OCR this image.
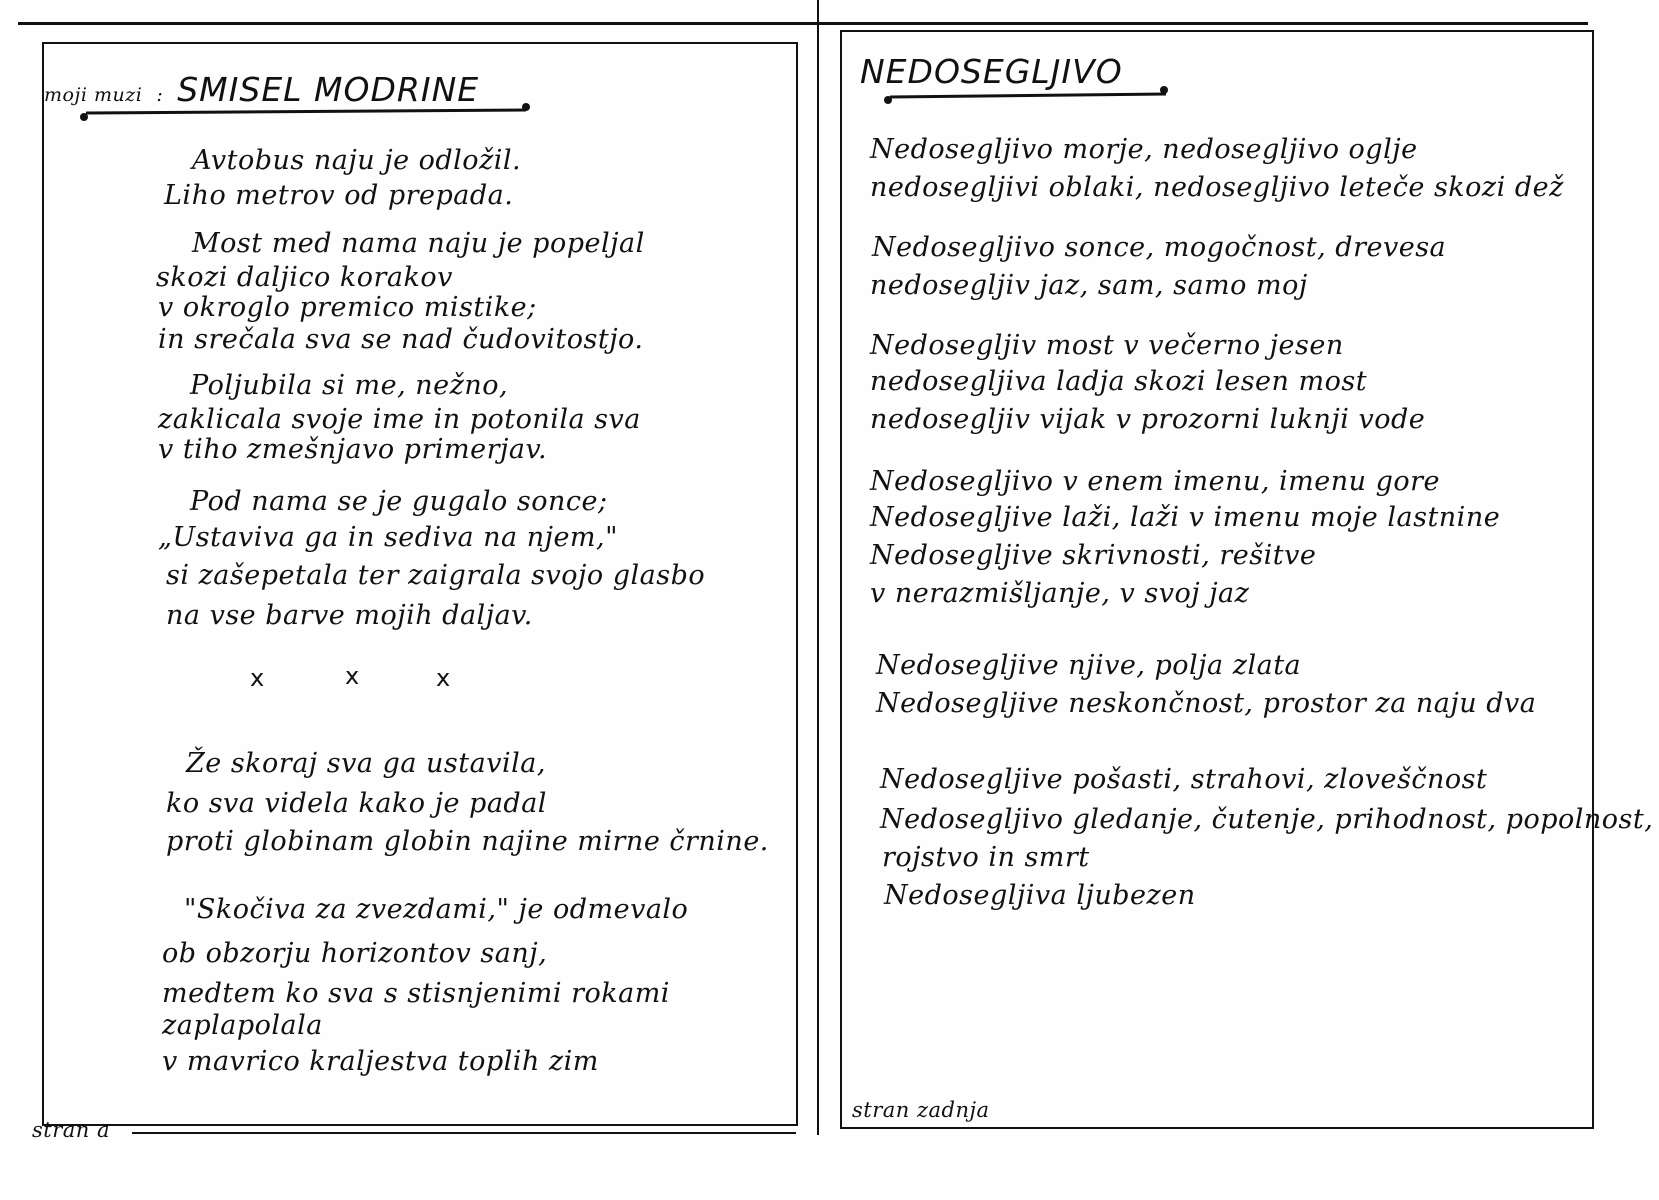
moji muzi : SMISEL MODRINE
Avtobus naju je odložil.
Liho metrov od prepada.
Most med nama naju je popeljal
skozi daljico korakov
v okroglo premico mistike;
in srečala sva se nad čudovitostjo.
Poljubila si me, nežno,
zaklicala svoje ime in potonila sva
v tiho zmešnjavo primerjav.
Pod nama se je gugalo sonce;
„Ustaviva ga in sediva na njem,"
si zašepetala ter zaigrala svojo glasbo
na vse barve mojih daljav.
x	x	x
Že skoraj sva ga ustavila,
ko sva videla kako je padal
proti globinam globin najine mirne črnine.
"Skočiva za zvezdami," je odmevalo
ob obzorju horizontov sanj,
medtem ko sva s stisnjenimi rokami
zaplapolala
v mavrico kraljestva toplih zim
stran a
NEDOSEGLJIVO
Nedosegljivo morje, nedosegljivo oglje
nedosegljivi oblaki, nedosegljivo leteče skozi dež
Nedosegljivo sonce, mogočnost, drevesa
nedosegljiv jaz, sam, samo moj
Nedosegljiv most v večerno jesen
nedosegljiva ladja skozi lesen most
nedosegljiv vijak v prozorni luknji vode
Nedosegljivo v enem imenu, imenu gore
Nedosegljive laži, laži v imenu moje lastnine
Nedosegljive skrivnosti, rešitve
v nerazmišljanje, v svoj jaz
Nedosegljive njive, polja zlata
Nedosegljive neskončnost, prostor za naju dva
Nedosegljive pošasti, strahovi, zloveščnost
Nedosegljivo gledanje, čutenje, prihodnost, popolnost,
rojstvo in smrt
Nedosegljiva ljubezen
stran zadnja
